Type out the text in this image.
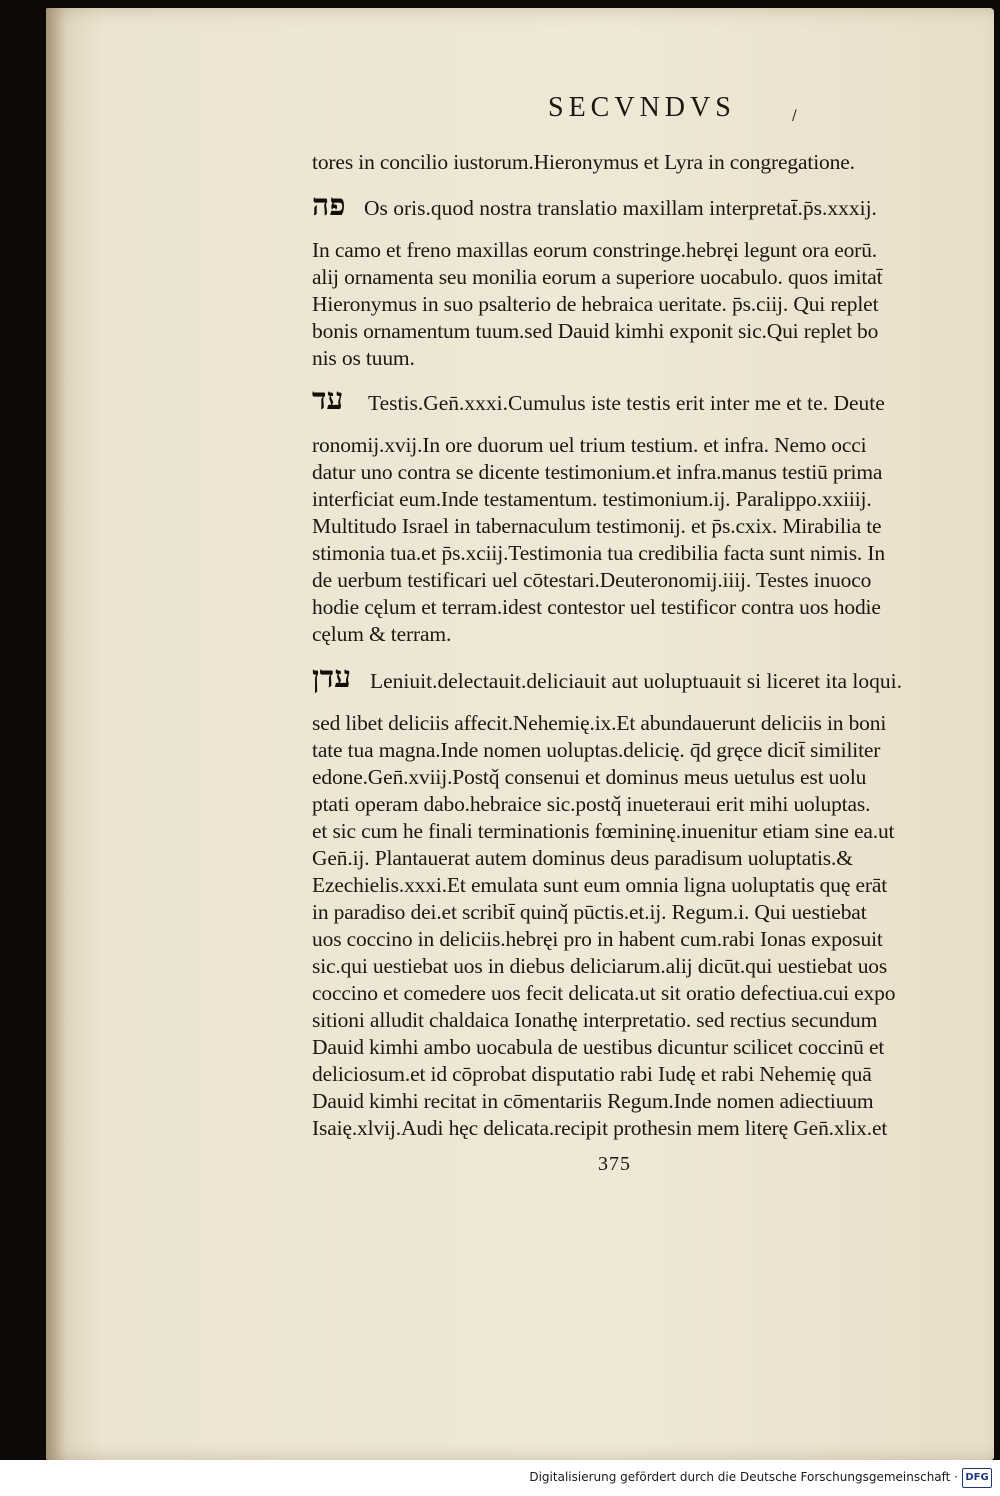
SECVNDVS	/
tores in concilio iustorum.Hieronymus et Lyra in congregatione.
פה Os oris.quod nostra translatio maxillam interpretat̄.p̄s.xxxij.
In camo et freno maxillas eorum constringe.hebręi legunt ora eorū.
alij ornamenta seu monilia eorum a superiore uocabulo. quos imitat̄
Hieronymus in suo psalterio de hebraica ueritate. p̄s.ciij. Qui replet
bonis ornamentum tuum.sed Dauid kimhi exponit sic.Qui replet bo
nis os tuum.
עד Testis.Gen̄.xxxi.Cumulus iste testis erit inter me et te. Deute
ronomij.xvij.In ore duorum uel trium testium. et infra. Nemo occi
datur uno contra se dicente testimonium.et infra.manus testiū prima
interficiat eum.Inde testamentum. testimonium.ij. Paralippo.xxiiij.
Multitudo Israel in tabernaculum testimonij. et p̄s.cxix. Mirabilia te
stimonia tua.et p̄s.xciij.Testimonia tua credibilia facta sunt nimis. In
de uerbum testificari uel cōtestari.Deuteronomij.iiij. Testes inuoco
hodie cęlum et terram.idest contestor uel testificor contra uos hodie
cęlum & terram.
עדן Leniuit.delectauit.deliciauit aut uoluptuauit si liceret ita loqui.
sed libet deliciis affecit.Nehemię.ix.Et abundauerunt deliciis in boni
tate tua magna.Inde nomen uoluptas.delicię. q̄d gręce dicit̄ similiter
edone.Gen̄.xviij.Postq̌ consenui et dominus meus uetulus est uolu
ptati operam dabo.hebraice sic.postq̌ inueteraui erit mihi uoluptas.
et sic cum he finali terminationis fœmininę.inuenitur etiam sine ea.ut
Gen̄.ij. Plantauerat autem dominus deus paradisum uoluptatis.&
Ezechielis.xxxi.Et emulata sunt eum omnia ligna uoluptatis quę erāt
in paradiso dei.et scribit̄ quinq̌ pūctis.et.ij. Regum.i. Qui uestiebat
uos coccino in deliciis.hebręi pro in habent cum.rabi Ionas exposuit
sic.qui uestiebat uos in diebus deliciarum.alij dicūt.qui uestiebat uos
coccino et comedere uos fecit delicata.ut sit oratio defectiua.cui expo
sitioni alludit chaldaica Ionathę interpretatio. sed rectius secundum
Dauid kimhi ambo uocabula de uestibus dicuntur scilicet coccinū et
deliciosum.et id cōprobat disputatio rabi Iudę et rabi Nehemię quā
Dauid kimhi recitat in cōmentariis Regum.Inde nomen adiectiuum
Isaię.xlvij.Audi hęc delicata.recipit prothesin mem literę Gen̄.xlix.et
375
Digitalisierung gefördert durch die Deutsche Forschungsgemeinschaft · DFG
